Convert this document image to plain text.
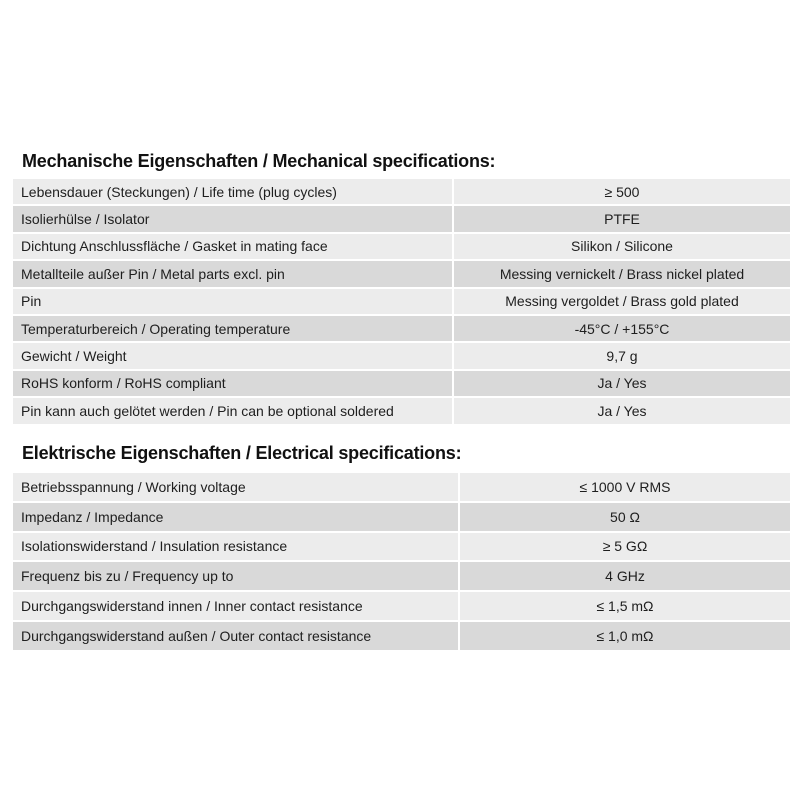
Mechanische Eigenschaften / Mechanical specifications:
Lebensdauer (Steckungen) / Life time (plug cycles)	≥ 500
Isolierhülse / Isolator	PTFE
Dichtung Anschlussfläche / Gasket in mating face	Silikon / Silicone
Metallteile außer Pin / Metal parts excl. pin	Messing vernickelt / Brass nickel plated
Pin	Messing vergoldet / Brass gold plated
Temperaturbereich / Operating temperature	-45°C / +155°C
Gewicht / Weight	9,7 g
RoHS konform / RoHS compliant	Ja / Yes
Pin kann auch gelötet werden / Pin can be optional soldered	Ja / Yes
Elektrische Eigenschaften / Electrical specifications:
Betriebsspannung / Working voltage	≤ 1000 V RMS
Impedanz / Impedance	50 Ω
Isolationswiderstand / Insulation resistance	≥ 5 GΩ
Frequenz bis zu / Frequency up to	4 GHz
Durchgangswiderstand innen / Inner contact resistance	≤ 1,5 mΩ
Durchgangswiderstand außen / Outer contact resistance	≤ 1,0 mΩ
